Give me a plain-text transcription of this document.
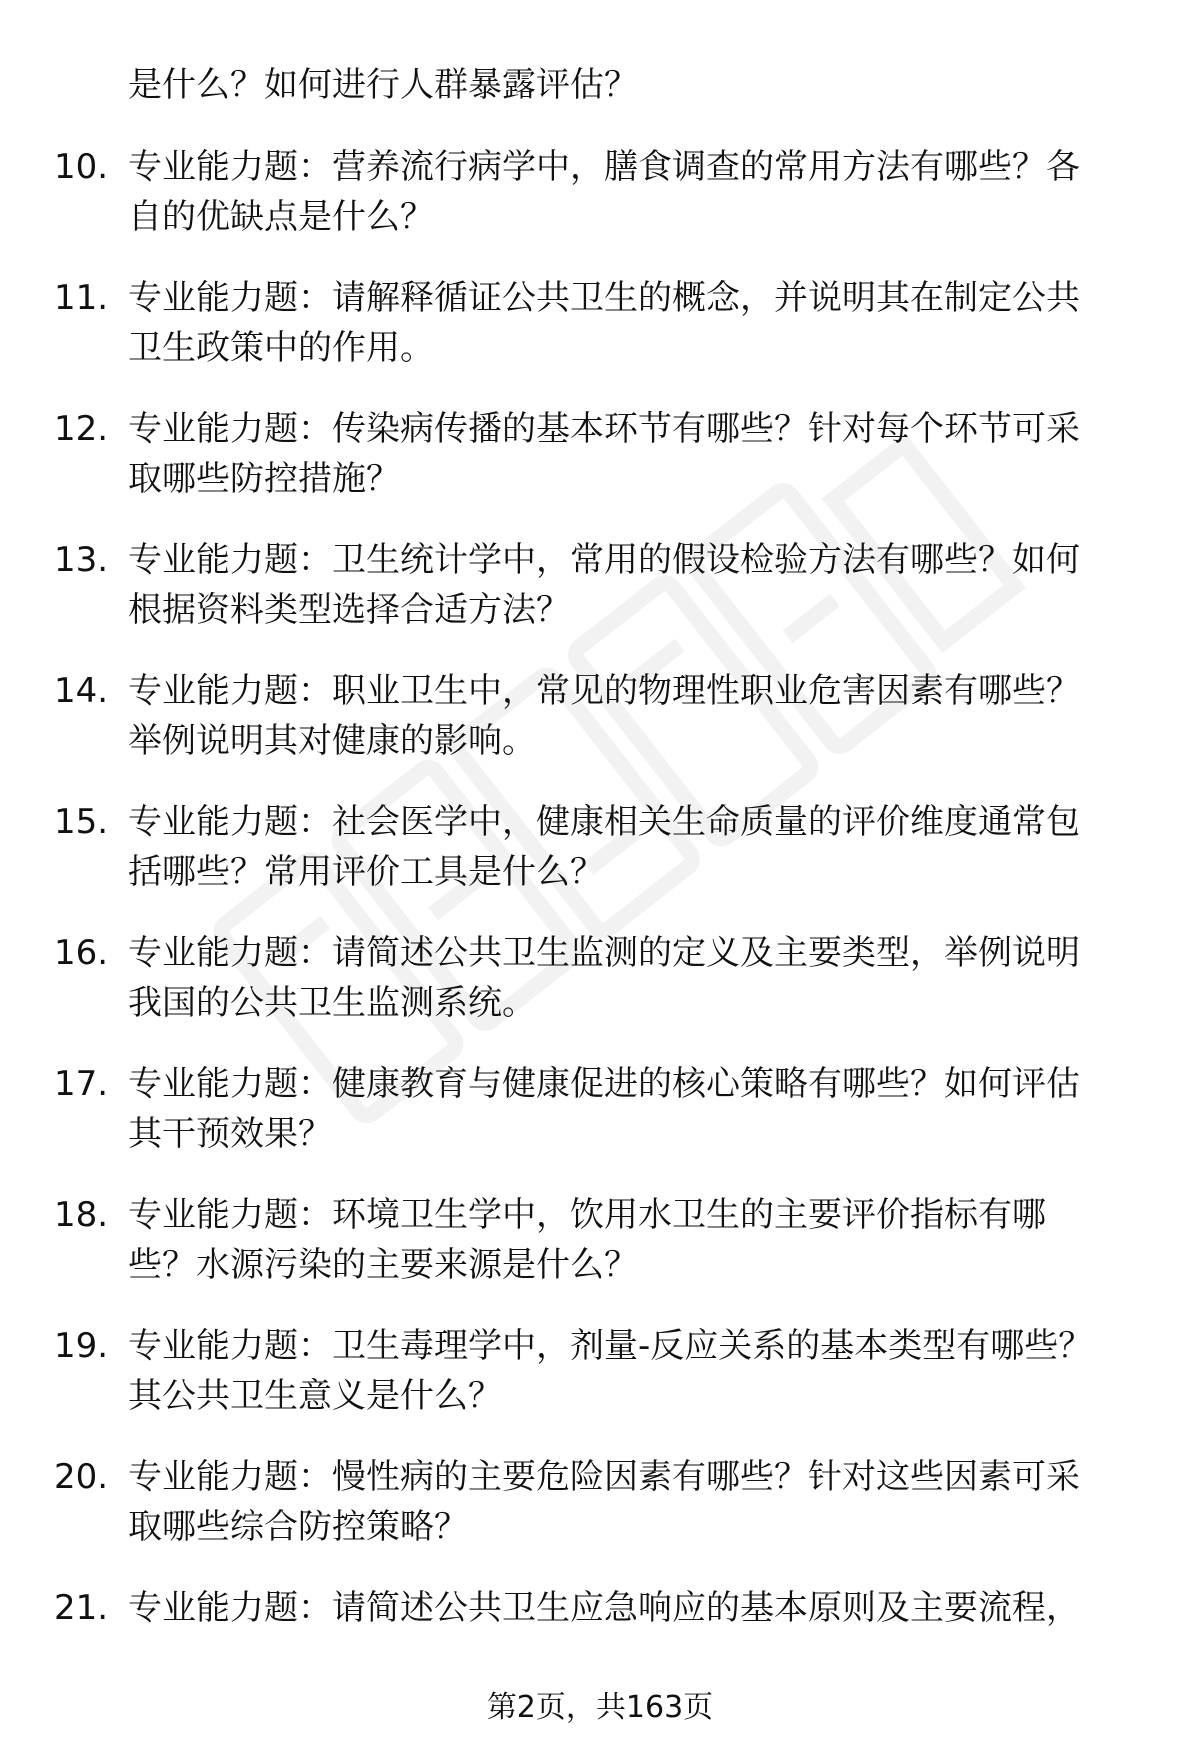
是什么？如何进行人群暴露评估？
10. 专业能力题：营养流行病学中，膳食调查的常用方法有哪些？各
自的优缺点是什么？
11. 专业能力题：请解释循证公共卫生的概念，并说明其在制定公共
卫生政策中的作用。
12. 专业能力题：传染病传播的基本环节有哪些？针对每个环节可采
取哪些防控措施？
13. 专业能力题：卫生统计学中，常用的假设检验方法有哪些？如何
根据资料类型选择合适方法？
14. 专业能力题：职业卫生中，常见的物理性职业危害因素有哪些？
举例说明其对健康的影响。
15. 专业能力题：社会医学中，健康相关生命质量的评价维度通常包
括哪些？常用评价工具是什么？
16. 专业能力题：请简述公共卫生监测的定义及主要类型，举例说明
我国的公共卫生监测系统。
17. 专业能力题：健康教育与健康促进的核心策略有哪些？如何评估
其干预效果？
18. 专业能力题：环境卫生学中，饮用水卫生的主要评价指标有哪
些？水源污染的主要来源是什么？
19. 专业能力题：卫生毒理学中，剂量-反应关系的基本类型有哪些？
其公共卫生意义是什么？
20. 专业能力题：慢性病的主要危险因素有哪些？针对这些因素可采
取哪些综合防控策略？
21. 专业能力题：请简述公共卫生应急响应的基本原则及主要流程，
第2页，共163页
